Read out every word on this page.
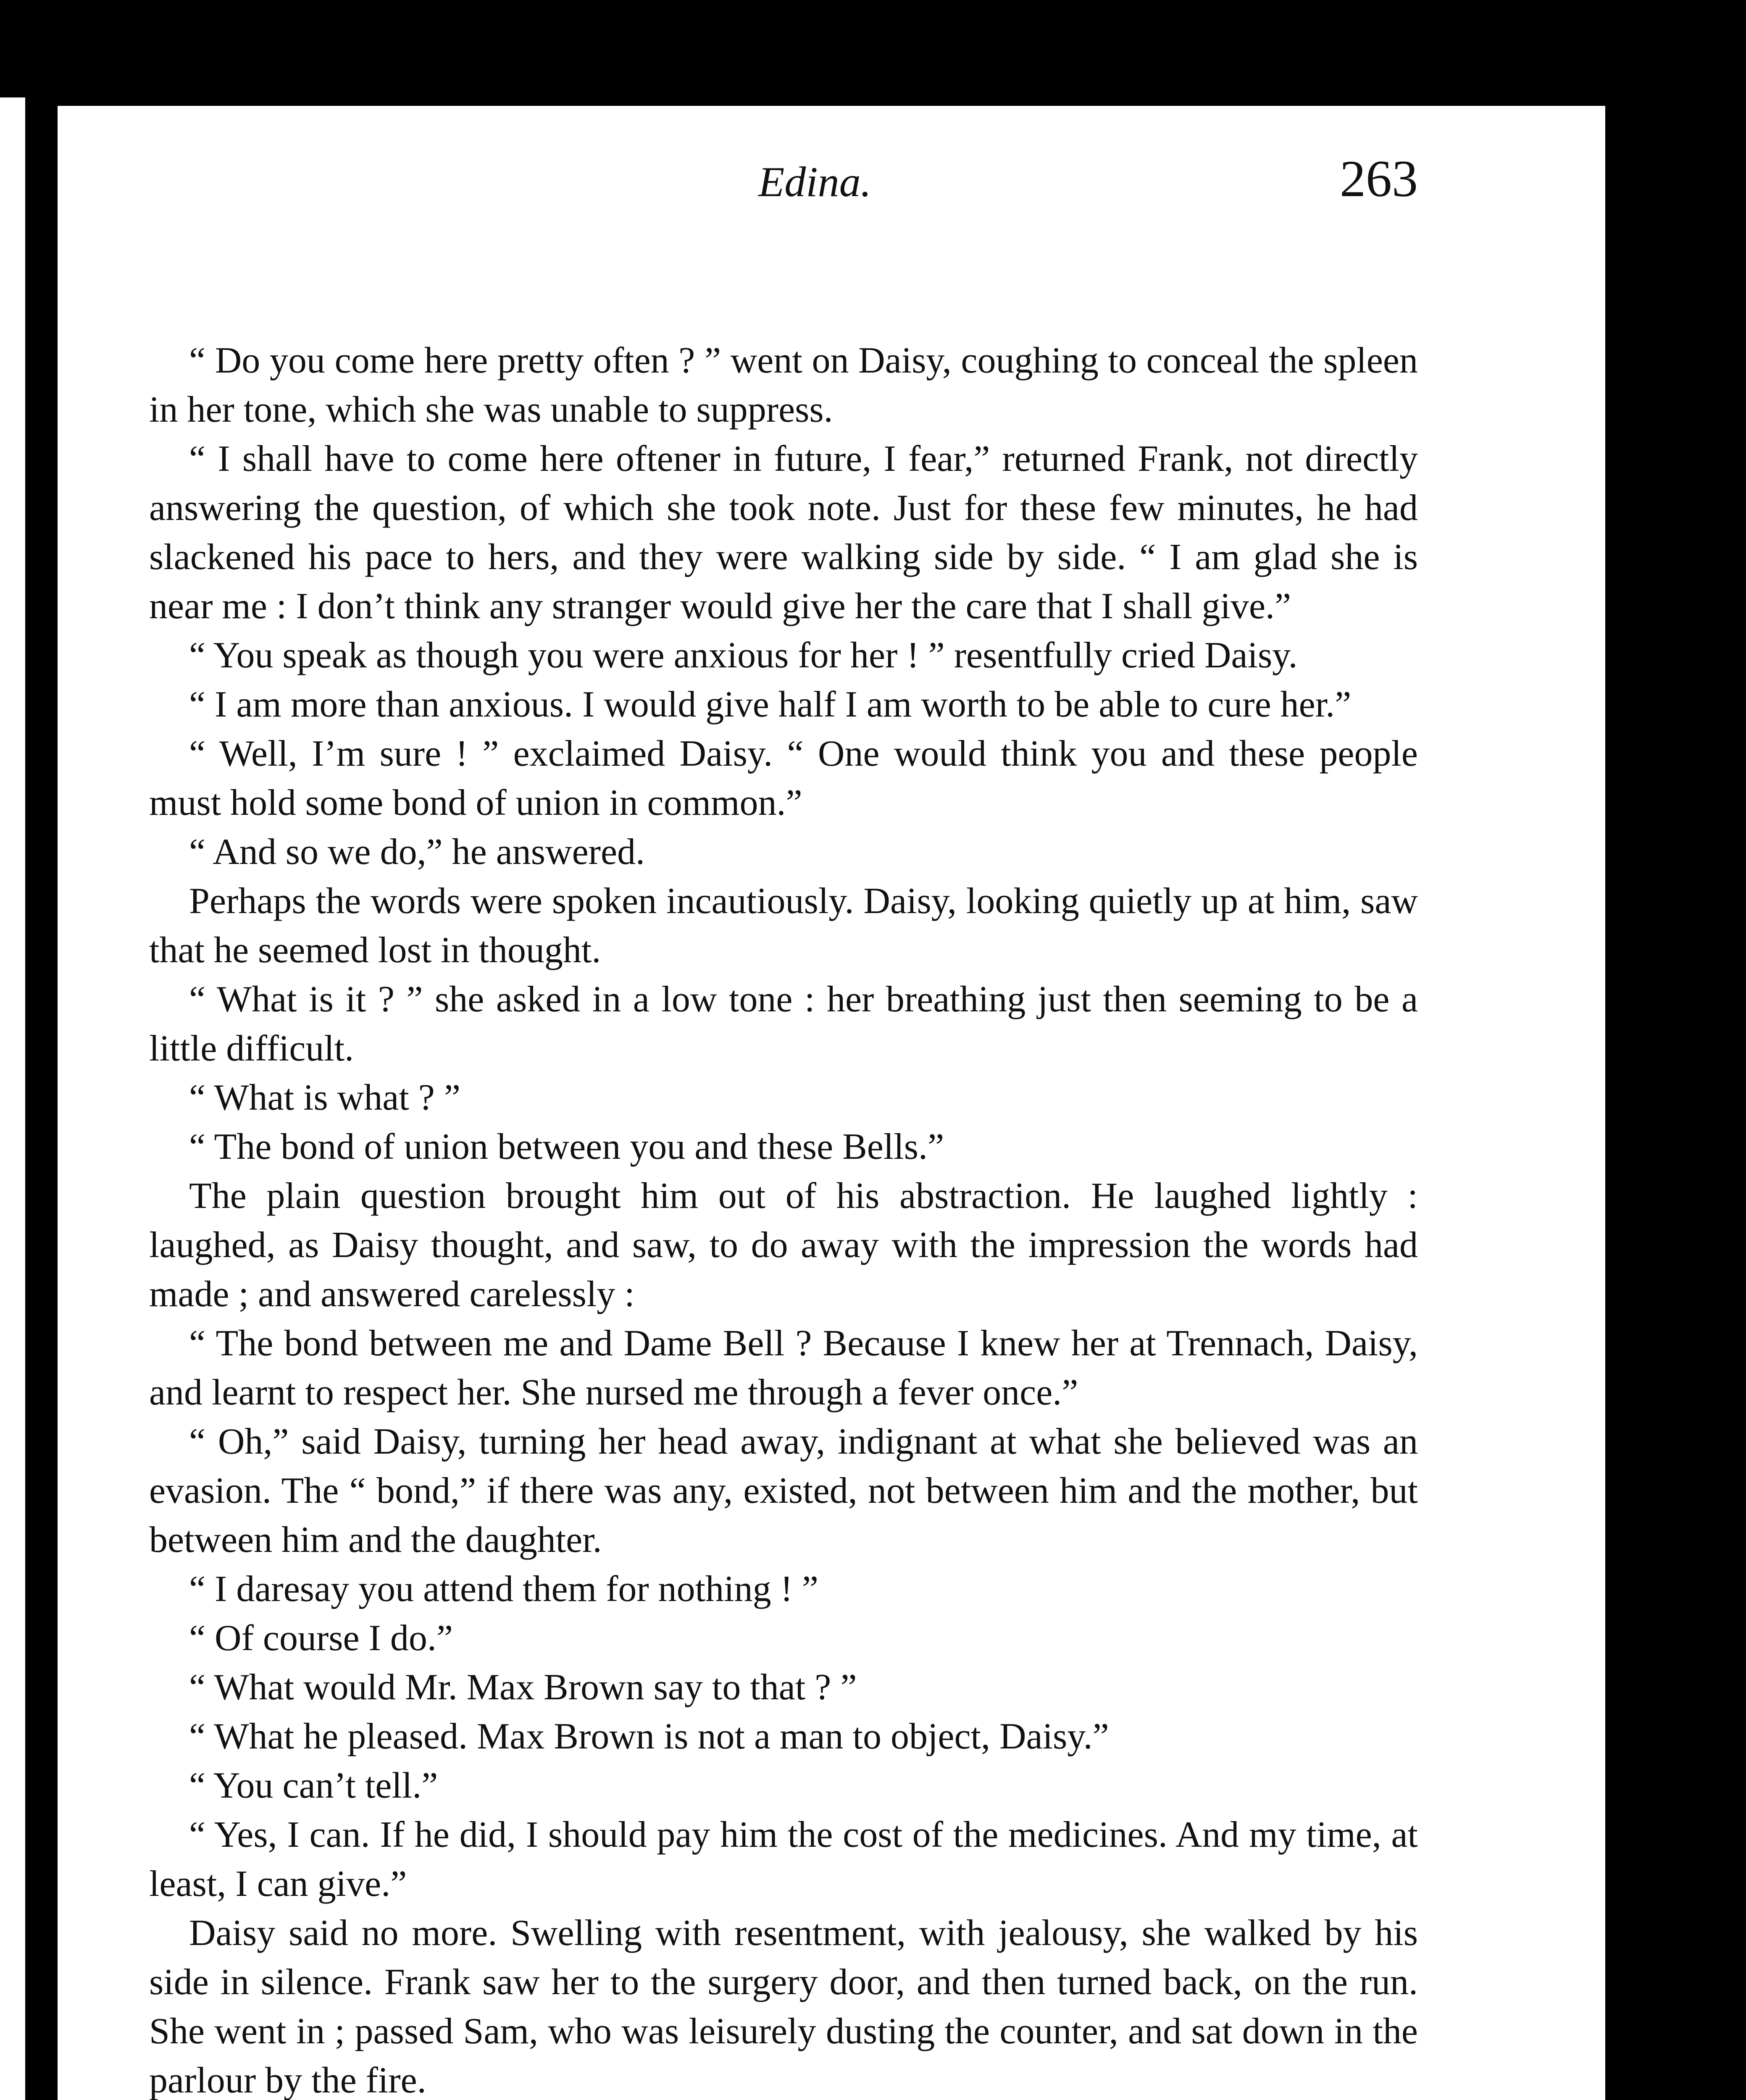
Edina.	263

“ Do you come here pretty often ? ” went on Daisy, coughing to conceal the spleen in her tone, which she was unable to suppress.

“ I shall have to come here oftener in future, I fear,” returned Frank, not directly answering the question, of which she took note. Just for these few minutes, he had slackened his pace to hers, and they were walking side by side. “ I am glad she is near me : I don’t think any stranger would give her the care that I shall give.”

“ You speak as though you were anxious for her ! ” resentfully cried Daisy.

“ I am more than anxious. I would give half I am worth to be able to cure her.”

“ Well, I’m sure ! ” exclaimed Daisy. “ One would think you and these people must hold some bond of union in common.”

“ And so we do,” he answered.

Perhaps the words were spoken incautiously. Daisy, looking quietly up at him, saw that he seemed lost in thought.

“ What is it ? ” she asked in a low tone : her breathing just then seeming to be a little difficult.

“ What is what ? ”

“ The bond of union between you and these Bells.”

The plain question brought him out of his abstraction. He laughed lightly : laughed, as Daisy thought, and saw, to do away with the impression the words had made ; and answered carelessly :

“ The bond between me and Dame Bell ? Because I knew her at Trennach, Daisy, and learnt to respect her. She nursed me through a fever once.”

“ Oh,” said Daisy, turning her head away, indignant at what she believed was an evasion. The “ bond,” if there was any, existed, not between him and the mother, but between him and the daughter.

“ I daresay you attend them for nothing ! ”

“ Of course I do.”

“ What would Mr. Max Brown say to that ? ”

“ What he pleased. Max Brown is not a man to object, Daisy.”

“ You can’t tell.”

“ Yes, I can. If he did, I should pay him the cost of the medicines. And my time, at least, I can give.”

Daisy said no more. Swelling with resentment, with jealousy, she walked by his side in silence. Frank saw her to the surgery door, and then turned back, on the run. She went in ; passed Sam, who was leisurely dusting the counter, and sat down in the parlour by the fire.
